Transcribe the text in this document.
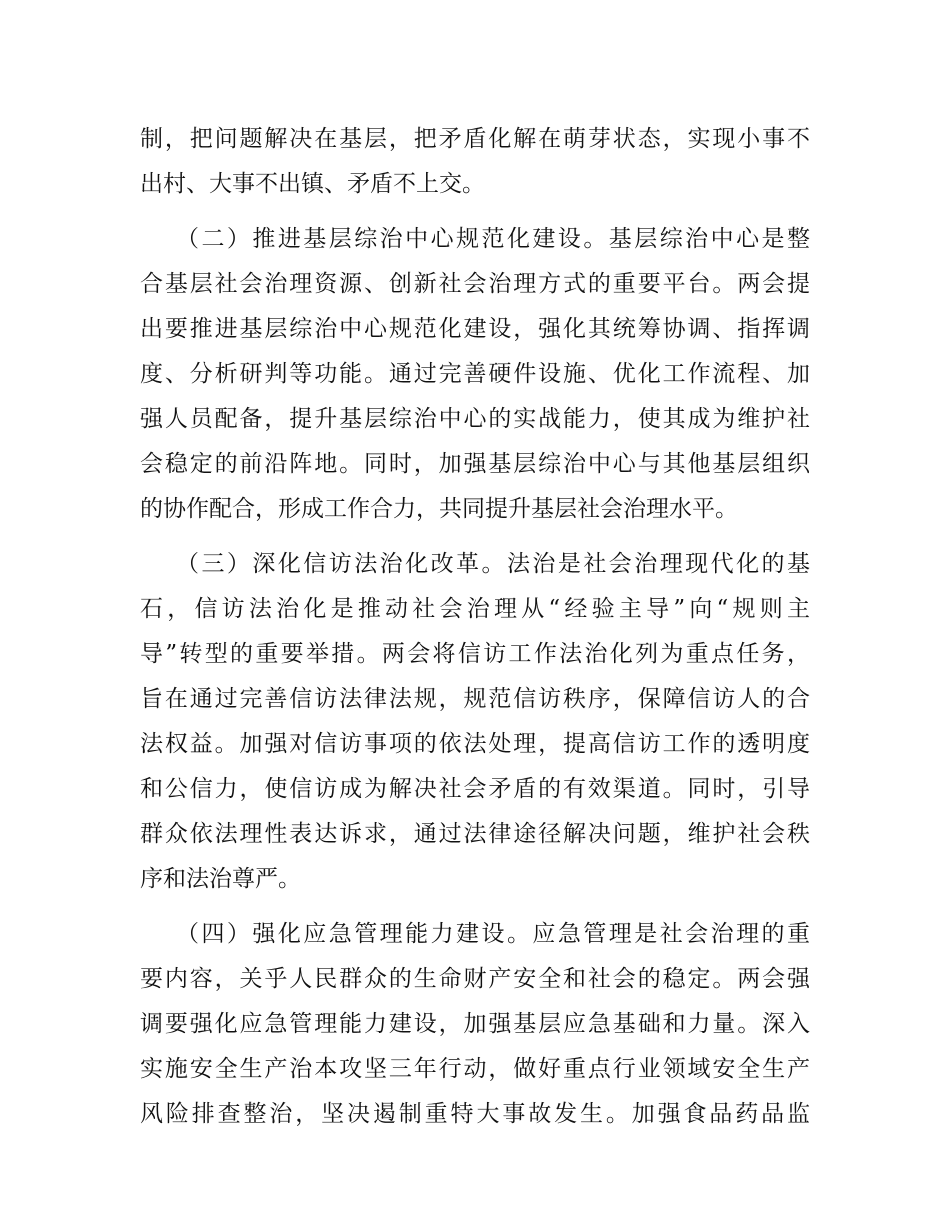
制，把问题解决在基层，把矛盾化解在萌芽状态，实现小事不
出村、大事不出镇、矛盾不上交。
（二）推进基层综治中心规范化建设。基层综治中心是整
合基层社会治理资源、创新社会治理方式的重要平台。两会提
出要推进基层综治中心规范化建设，强化其统筹协调、指挥调
度、分析研判等功能。通过完善硬件设施、优化工作流程、加
强人员配备，提升基层综治中心的实战能力，使其成为维护社
会稳定的前沿阵地。同时，加强基层综治中心与其他基层组织
的协作配合，形成工作合力，共同提升基层社会治理水平。
（三）深化信访法治化改革。法治是社会治理现代化的基
石，信访法治化是推动社会治理从“经验主导”向“规则主
导”转型的重要举措。两会将信访工作法治化列为重点任务，
旨在通过完善信访法律法规，规范信访秩序，保障信访人的合
法权益。加强对信访事项的依法处理，提高信访工作的透明度
和公信力，使信访成为解决社会矛盾的有效渠道。同时，引导
群众依法理性表达诉求，通过法律途径解决问题，维护社会秩
序和法治尊严。
（四）强化应急管理能力建设。应急管理是社会治理的重
要内容，关乎人民群众的生命财产安全和社会的稳定。两会强
调要强化应急管理能力建设，加强基层应急基础和力量。深入
实施安全生产治本攻坚三年行动，做好重点行业领域安全生产
风险排查整治，坚决遏制重特大事故发生。加强食品药品监
